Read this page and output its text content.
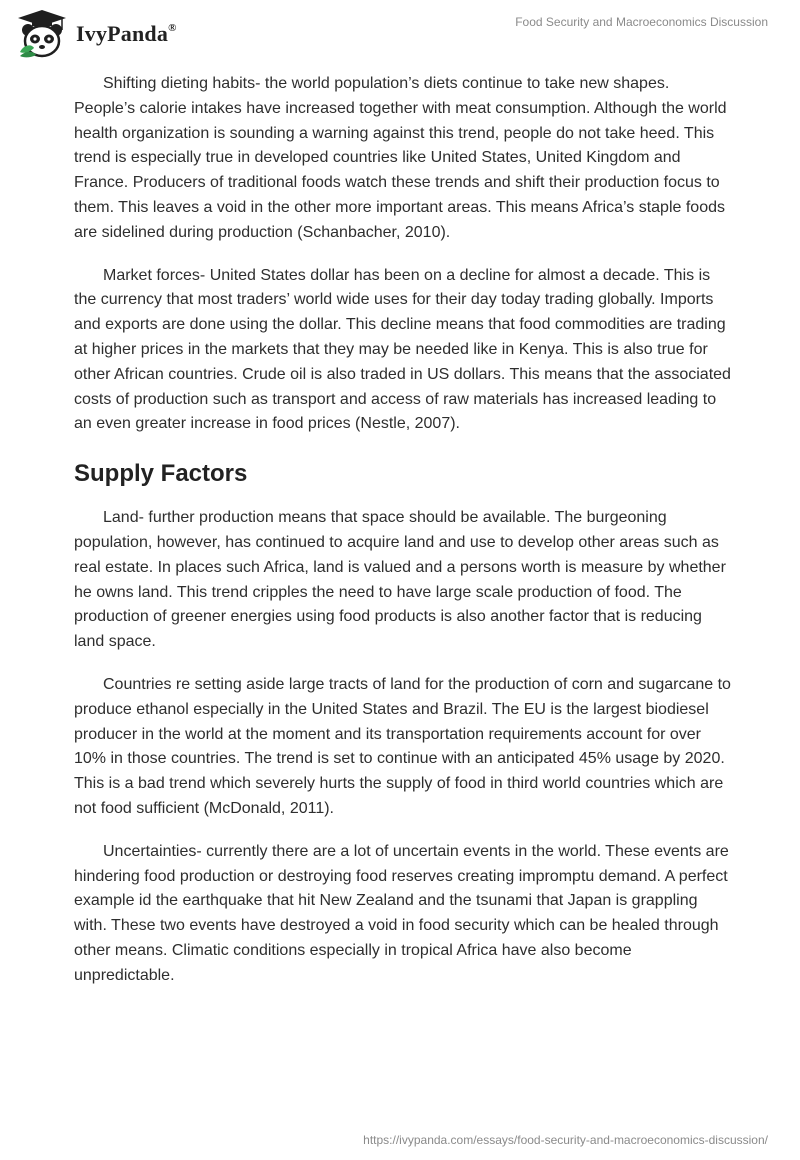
IvyPanda®	Food Security and Macroeconomics Discussion

Shifting dieting habits- the world population’s diets continue to take new shapes. People’s calorie intakes have increased together with meat consumption. Although the world health organization is sounding a warning against this trend, people do not take heed. This trend is especially true in developed countries like United States, United Kingdom and France. Producers of traditional foods watch these trends and shift their production focus to them. This leaves a void in the other more important areas. This means Africa’s staple foods are sidelined during production (Schanbacher, 2010).

Market forces- United States dollar has been on a decline for almost a decade. This is the currency that most traders’ world wide uses for their day today trading globally. Imports and exports are done using the dollar. This decline means that food commodities are trading at higher prices in the markets that they may be needed like in Kenya. This is also true for other African countries. Crude oil is also traded in US dollars. This means that the associated costs of production such as transport and access of raw materials has increased leading to an even greater increase in food prices (Nestle, 2007).

Supply Factors

Land- further production means that space should be available. The burgeoning population, however, has continued to acquire land and use to develop other areas such as real estate. In places such Africa, land is valued and a persons worth is measure by whether he owns land. This trend cripples the need to have large scale production of food. The production of greener energies using food products is also another factor that is reducing land space.

Countries re setting aside large tracts of land for the production of corn and sugarcane to produce ethanol especially in the United States and Brazil. The EU is the largest biodiesel producer in the world at the moment and its transportation requirements account for over 10% in those countries. The trend is set to continue with an anticipated 45% usage by 2020. This is a bad trend which severely hurts the supply of food in third world countries which are not food sufficient (McDonald, 2011).

Uncertainties- currently there are a lot of uncertain events in the world. These events are hindering food production or destroying food reserves creating impromptu demand. A perfect example id the earthquake that hit New Zealand and the tsunami that Japan is grappling with. These two events have destroyed a void in food security which can be healed through other means. Climatic conditions especially in tropical Africa have also become unpredictable.

https://ivypanda.com/essays/food-security-and-macroeconomics-discussion/
